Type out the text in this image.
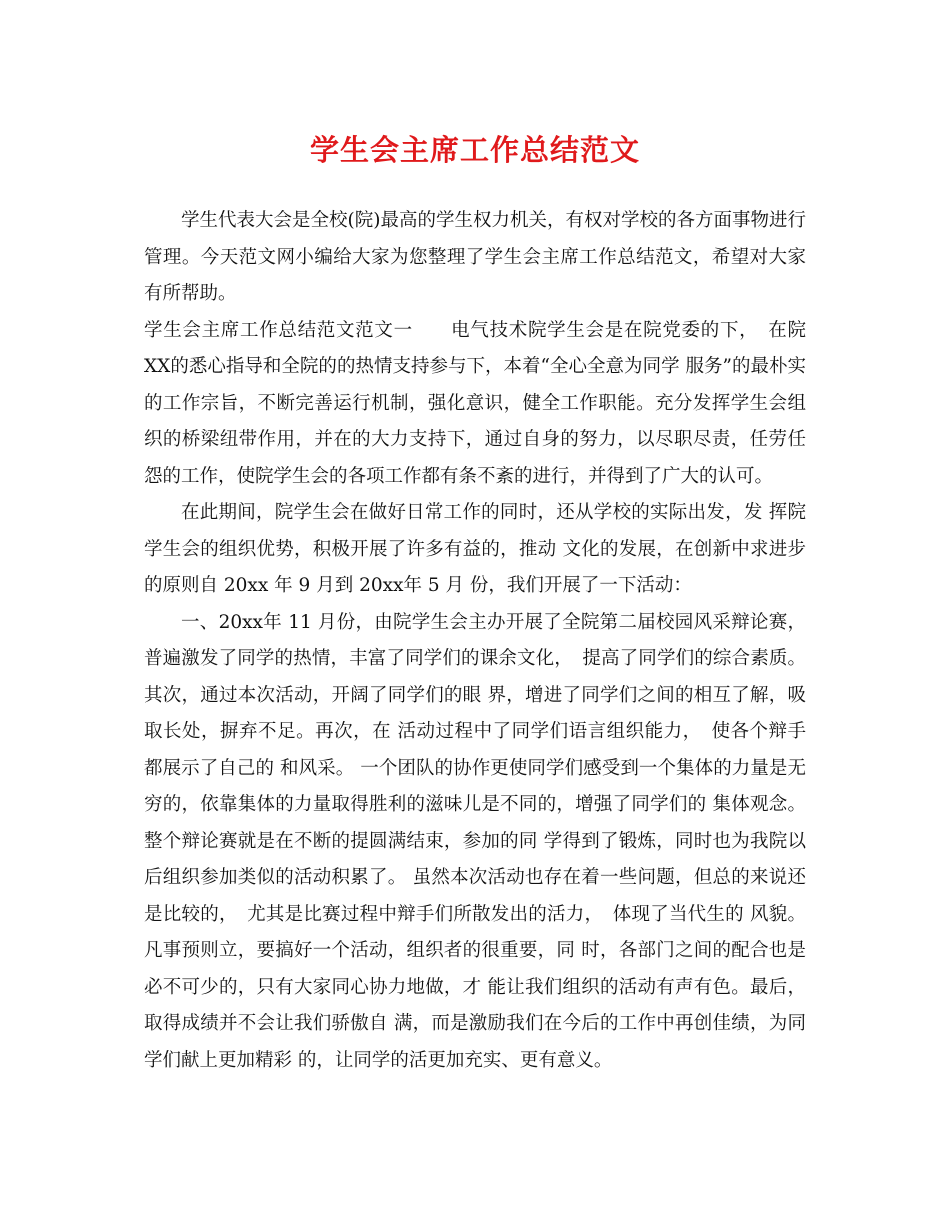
学生会主席工作总结范文

学生代表大会是全校(院)最高的学生权力机关，有权对学校的各方面事物进行管理。今天范文网小编给大家为您整理了学生会主席工作总结范文，希望对大家有所帮助。

学生会主席工作总结范文范文一　　电气技术院学生会是在院党委的下，　在院XX的悉心指导和全院的的热情支持参与下，本着“全心全意为同学 服务”的最朴实的工作宗旨，不断完善运行机制，强化意识，健全工作职能。充分发挥学生会组织的桥梁纽带作用，并在的大力支持下，通过自身的努力，以尽职尽责，任劳任怨的工作，使院学生会的各项工作都有条不紊的进行，并得到了广大的认可。

在此期间，院学生会在做好日常工作的同时，还从学校的实际出发，发 挥院学生会的组织优势，积极开展了许多有益的，推动 文化的发展，在创新中求进步的原则自 20xx 年 9 月到 20xx年 5 月 份，我们开展了一下活动：

一、20xx年 11 月份，由院学生会主办开展了全院第二届校园风采辩论赛，普遍激发了同学的热情，丰富了同学们的课余文化，　提高了同学们的综合素质。其次，通过本次活动，开阔了同学们的眼 界，增进了同学们之间的相互了解，吸取长处，摒弃不足。再次，在 活动过程中了同学们语言组织能力，　使各个辩手都展示了自己的 和风采。 一个团队的协作更使同学们感受到一个集体的力量是无 穷的，依靠集体的力量取得胜利的滋味儿是不同的，增强了同学们的 集体观念。整个辩论赛就是在不断的提圆满结束，参加的同 学得到了锻炼，同时也为我院以后组织参加类似的活动积累了。 虽然本次活动也存在着一些问题，但总的来说还是比较的，　尤其是比赛过程中辩手们所散发出的活力，　体现了当代生的 风貌。凡事预则立，要搞好一个活动，组织者的很重要，同 时，各部门之间的配合也是必不可少的，只有大家同心协力地做，才 能让我们组织的活动有声有色。最后，取得成绩并不会让我们骄傲自 满，而是激励我们在今后的工作中再创佳绩，为同学们献上更加精彩 的，让同学的活更加充实、更有意义。
